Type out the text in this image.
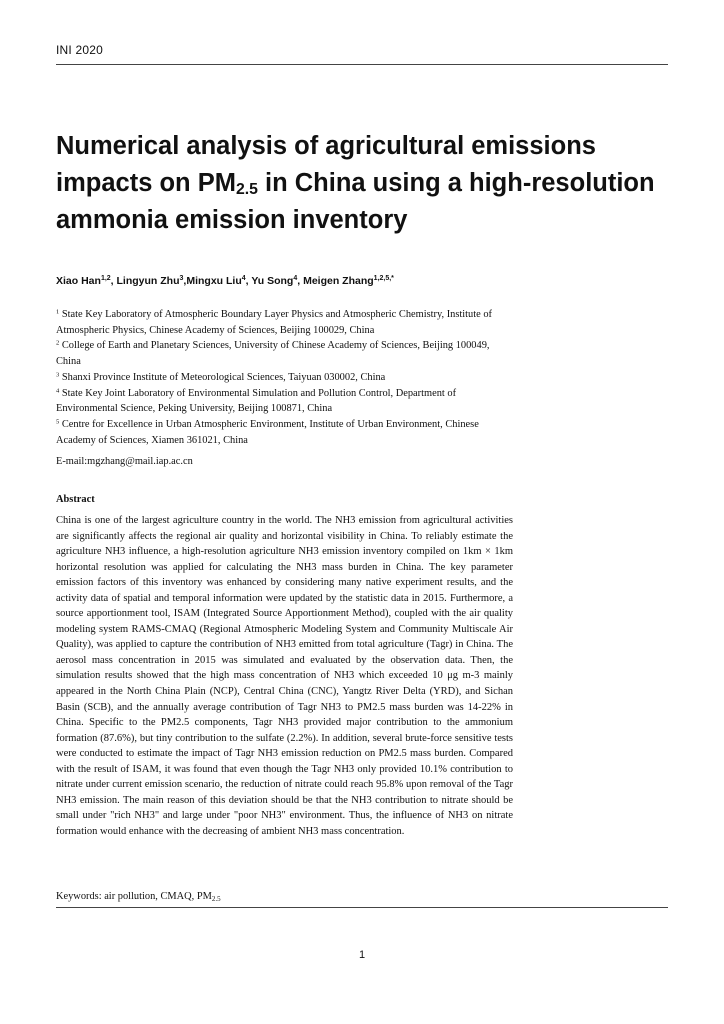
INI 2020
Numerical analysis of agricultural emissions impacts on PM2.5 in China using a high-resolution ammonia emission inventory
Xiao Han$^{1,2}$, Lingyun Zhu$^3$,Mingxu Liu$^4$, Yu Song$^4$, Meigen Zhang$^{1,2,5,*}$

$^1$ State Key Laboratory of Atmospheric Boundary Layer Physics and Atmospheric Chemistry, Institute of Atmospheric Physics, Chinese Academy of Sciences, Beijing 100029, China

$^2$ College of Earth and Planetary Sciences, University of Chinese Academy of Sciences, Beijing 100049, China

$^3$ Shanxi Province Institute of Meteorological Sciences, Taiyuan 030002, China

$^4$ State Key Joint Laboratory of Environmental Simulation and Pollution Control, Department of Environmental Science, Peking University, Beijing 100871, China

$^5$ Centre for Excellence in Urban Atmospheric Environment, Institute of Urban Environment, Chinese Academy of Sciences, Xiamen 361021, China

E-mail:mgzhang@mail.iap.ac.cn
Abstract

China is one of the largest agriculture country in the world. The NH3 emission from agricultural activities are significantly affects the regional air quality and horizontal visibility in China. To reliably estimate the agriculture NH3 influence, a high-resolution agriculture NH3 emission inventory compiled on 1km × 1km horizontal resolution was applied for calculating the NH3 mass burden in China. The key parameter emission factors of this inventory was enhanced by considering many native experiment results, and the activity data of spatial and temporal information were updated by the statistic data in 2015. Furthermore, a source apportionment tool, ISAM (Integrated Source Apportionment Method), coupled with the air quality modeling system RAMS-CMAQ (Regional Atmospheric Modeling System and Community Multiscale Air Quality), was applied to capture the contribution of NH3 emitted from total agriculture (Tagr) in China. The aerosol mass concentration in 2015 was simulated and evaluated by the observation data. Then, the simulation results showed that the high mass concentration of NH3 which exceeded 10 μg m-3 mainly appeared in the North China Plain (NCP), Central China (CNC), Yangtz River Delta (YRD), and Sichan Basin (SCB), and the annually average contribution of Tagr NH3 to PM2.5 mass burden was 14-22% in China. Specific to the PM2.5 components, Tagr NH3 provided major contribution to the ammonium formation (87.6%), but tiny contribution to the sulfate (2.2%). In addition, several brute-force sensitive tests were conducted to estimate the impact of Tagr NH3 emission reduction on PM2.5 mass burden. Compared with the result of ISAM, it was found that even though the Tagr NH3 only provided 10.1% contribution to nitrate under current emission scenario, the reduction of nitrate could reach 95.8% upon removal of the Tagr NH3 emission. The main reason of this deviation should be that the NH3 contribution to nitrate should be small under "rich NH3" and large under "poor NH3" environment. Thus, the influence of NH3 on nitrate formation would enhance with the decreasing of ambient NH3 mass concentration.

Keywords: air pollution, CMAQ, $PM_{2.5}$
1
